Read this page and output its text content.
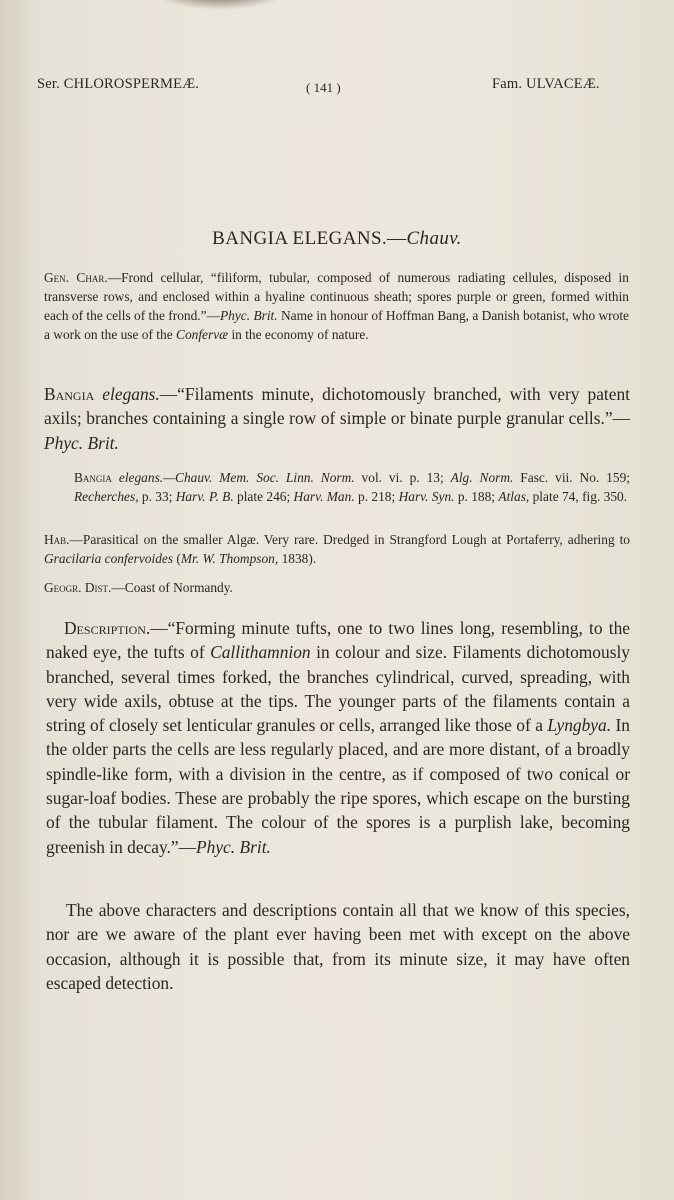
Ser. CHLOROSPERMEÆ.	( 141 )	Fam. ULVACEÆ.
BANGIA ELEGANS.—Chauv.
Gen. Char.—Frond cellular, “filiform, tubular, composed of numerous radiating cellules, disposed in transverse rows, and enclosed within a hyaline continuous sheath; spores purple or green, formed within each of the cells of the frond.”—Phyc. Brit. Name in honour of Hoffman Bang, a Danish botanist, who wrote a work on the use of the Confervæ in the economy of nature.
Bangia elegans.—“Filaments minute, dichotomously branched, with very patent axils; branches containing a single row of simple or binate purple granular cells.”—Phyc. Brit.
Bangia elegans.—Chauv. Mem. Soc. Linn. Norm. vol. vi. p. 13; Alg. Norm. Fasc. vii. No. 159; Recherches, p. 33; Harv. P. B. plate 246; Harv. Man. p. 218; Harv. Syn. p. 188; Atlas, plate 74, fig. 350.
Hab.—Parasitical on the smaller Algæ. Very rare. Dredged in Strangford Lough at Portaferry, adhering to Gracilaria confervoides (Mr. W. Thompson, 1838).
Geogr. Dist.—Coast of Normandy.
Description.—“Forming minute tufts, one to two lines long, resembling, to the naked eye, the tufts of Callithamnion in colour and size. Filaments dichotomously branched, several times forked, the branches cylindrical, curved, spreading, with very wide axils, obtuse at the tips. The younger parts of the filaments contain a string of closely set lenticular granules or cells, arranged like those of a Lyngbya. In the older parts the cells are less regularly placed, and are more distant, of a broadly spindle-like form, with a division in the centre, as if composed of two conical or sugar-loaf bodies. These are probably the ripe spores, which escape on the bursting of the tubular filament. The colour of the spores is a purplish lake, becoming greenish in decay.”—Phyc. Brit.
The above characters and descriptions contain all that we know of this species, nor are we aware of the plant ever having been met with except on the above occasion, although it is possible that, from its minute size, it may have often escaped detection.
